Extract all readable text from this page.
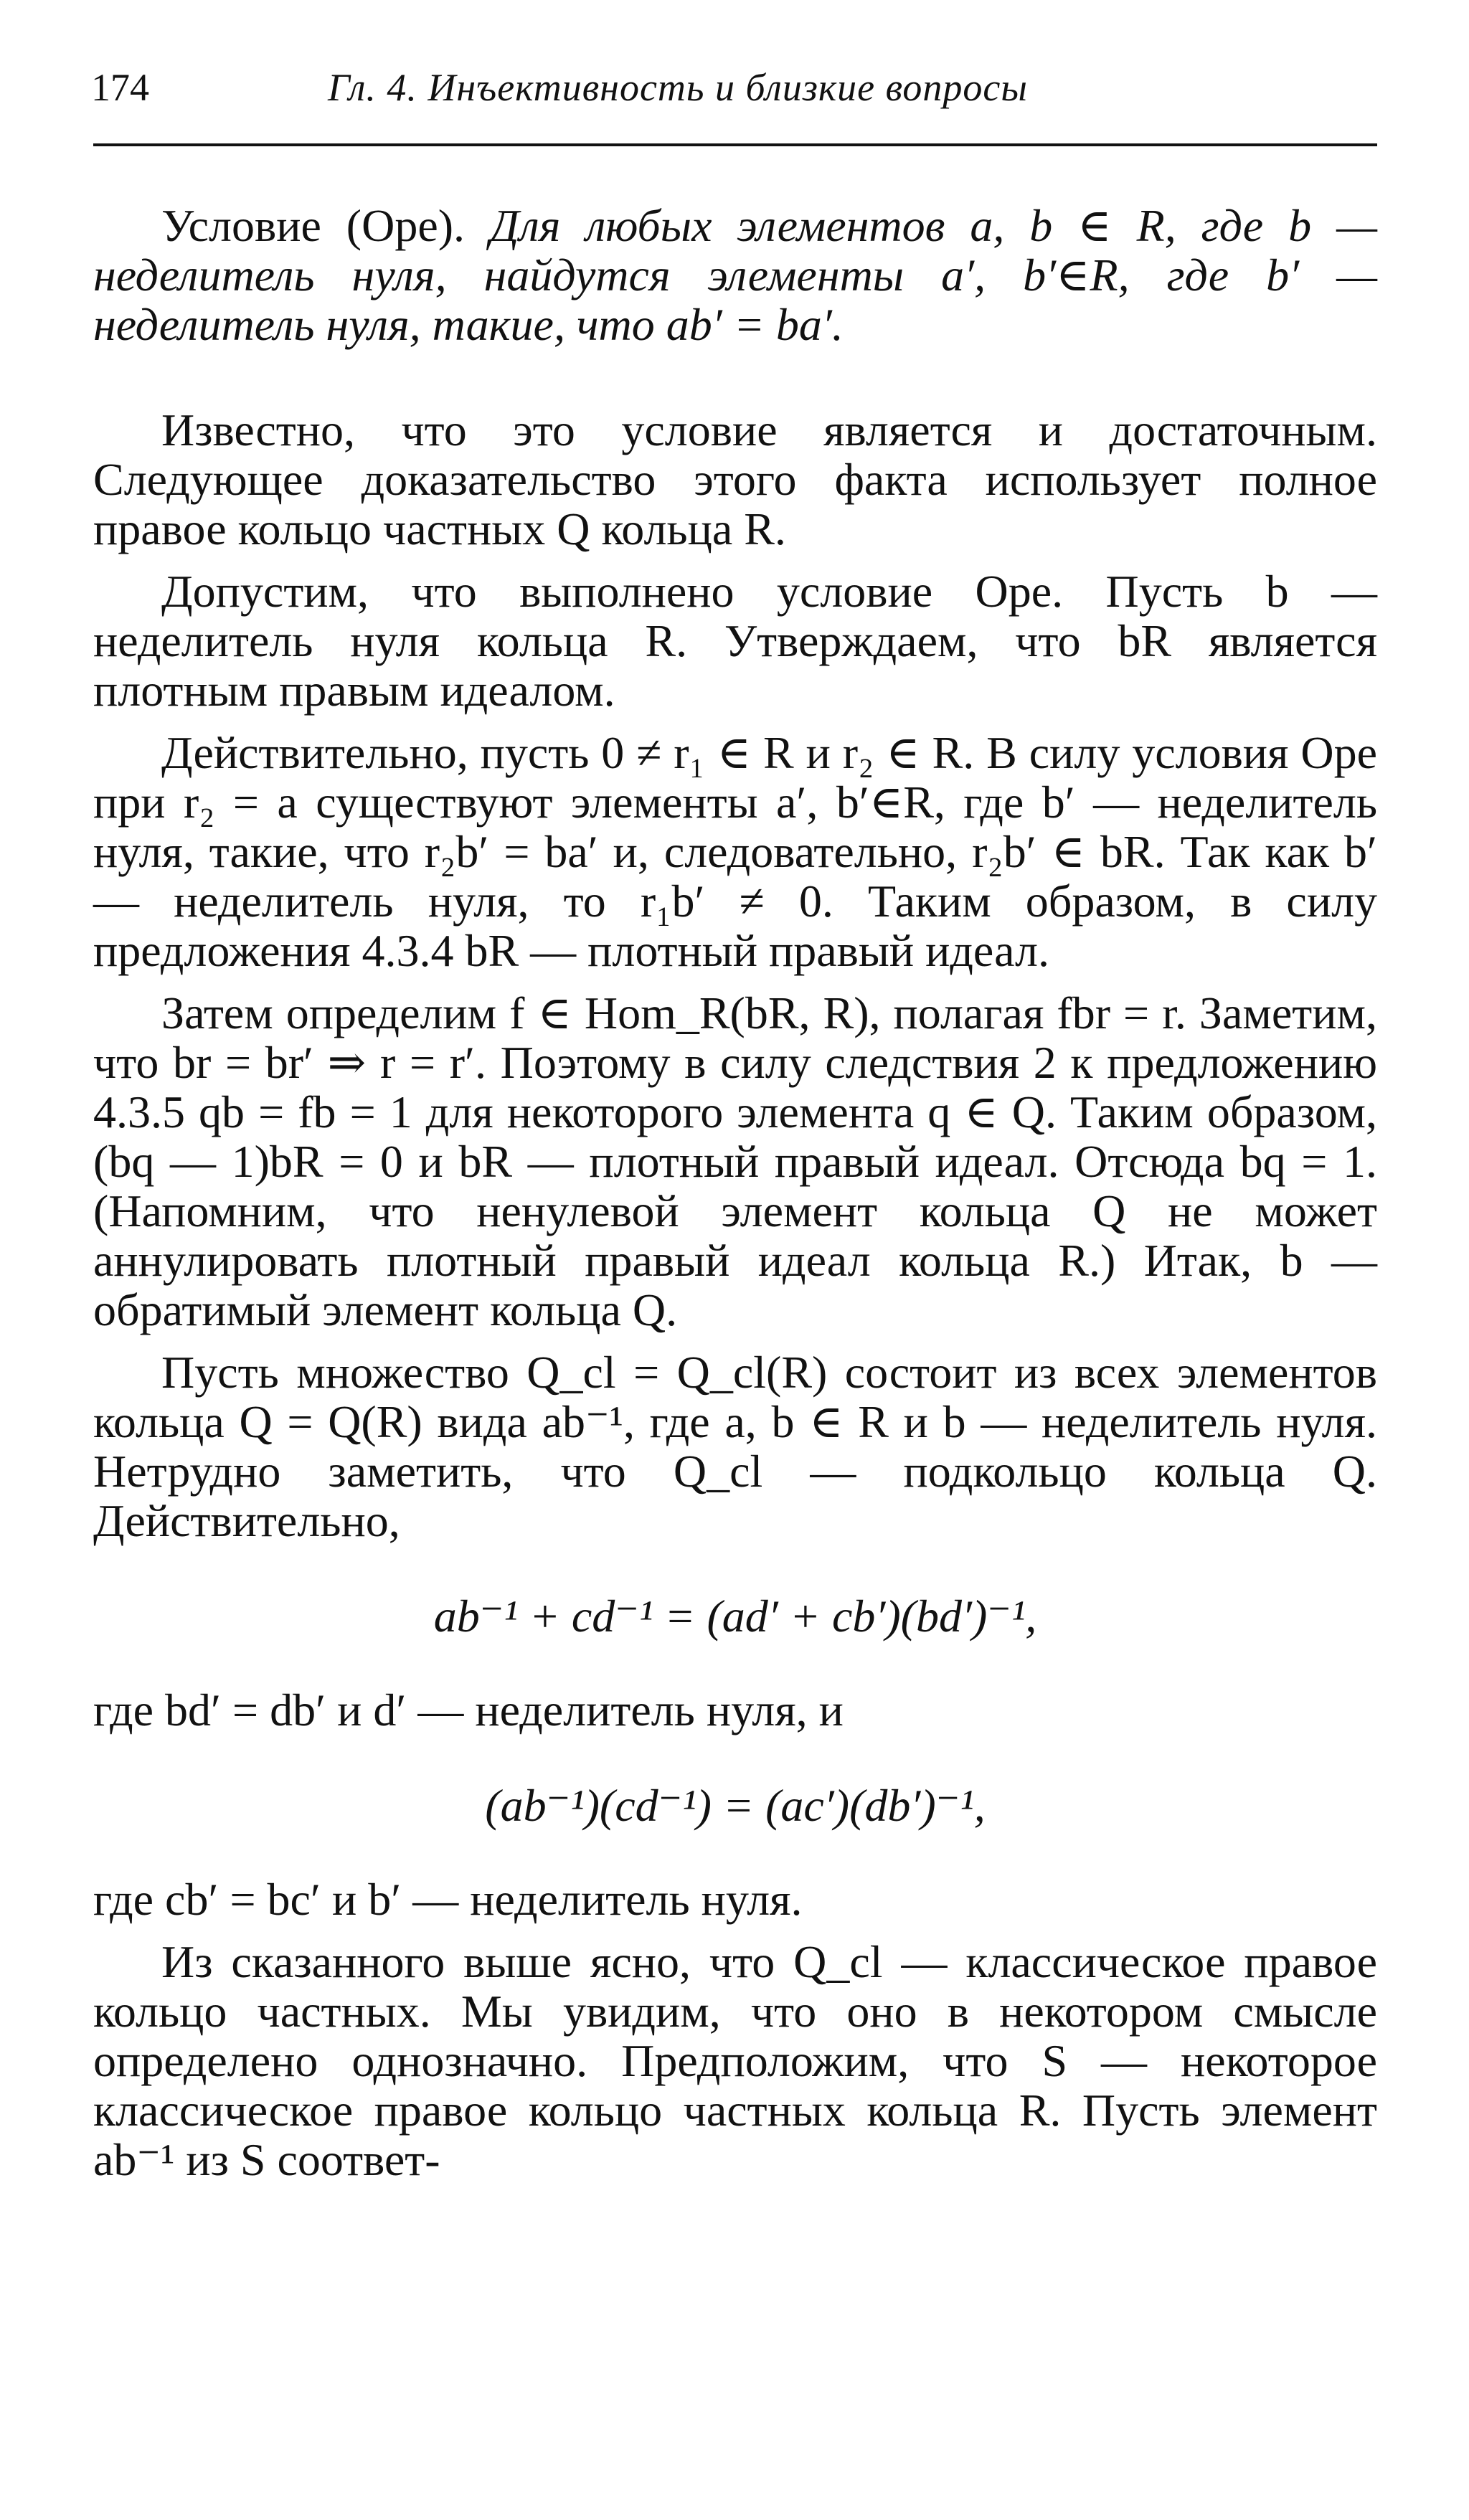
174	Гл. 4. Инъективность и близкие вопросы

Условие (Оре). Для любых элементов a, b ∈ R, где b — неделитель нуля, найдутся элементы a′, b′∈R, где b′ — неделитель нуля, такие, что ab′ = ba′.

Известно, что это условие является и достаточным. Следующее доказательство этого факта использует полное правое кольцо частных Q кольца R.

Допустим, что выполнено условие Оре. Пусть b — неделитель нуля кольца R. Утверждаем, что bR является плотным правым идеалом.

Действительно, пусть 0 ≠ r₁ ∈ R и r₂ ∈ R. В силу условия Оре при r₂ = a существуют элементы a′, b′∈R, где b′ — неделитель нуля, такие, что r₂b′ = ba′ и, следовательно, r₂b′ ∈ bR. Так как b′ — неделитель нуля, то r₁b′ ≠ 0. Таким образом, в силу предложения 4.3.4 bR — плотный правый идеал.

Затем определим f ∈ Hom_R(bR, R), полагая fbr = r. Заметим, что br = br′ ⇒ r = r′. Поэтому в силу следствия 2 к предложению 4.3.5 qb = fb = 1 для некоторого элемента q ∈ Q. Таким образом, (bq — 1)bR = 0 и bR — плотный правый идеал. Отсюда bq = 1. (Напомним, что ненулевой элемент кольца Q не может аннулировать плотный правый идеал кольца R.) Итак, b — обратимый элемент кольца Q.

Пусть множество Q_cl = Q_cl(R) состоит из всех элементов кольца Q = Q(R) вида ab⁻¹, где a, b ∈ R и b — неделитель нуля. Нетрудно заметить, что Q_cl — подкольцо кольца Q. Действительно,

ab⁻¹ + cd⁻¹ = (ad′ + cb′)(bd′)⁻¹,

где bd′ = db′ и d′ — неделитель нуля, и

(ab⁻¹)(cd⁻¹) = (ac′)(db′)⁻¹,

где cb′ = bc′ и b′ — неделитель нуля.

Из сказанного выше ясно, что Q_cl — классическое правое кольцо частных. Мы увидим, что оно в некотором смысле определено однозначно. Предположим, что S — некоторое классическое правое кольцо частных кольца R. Пусть элемент ab⁻¹ из S соответ-
